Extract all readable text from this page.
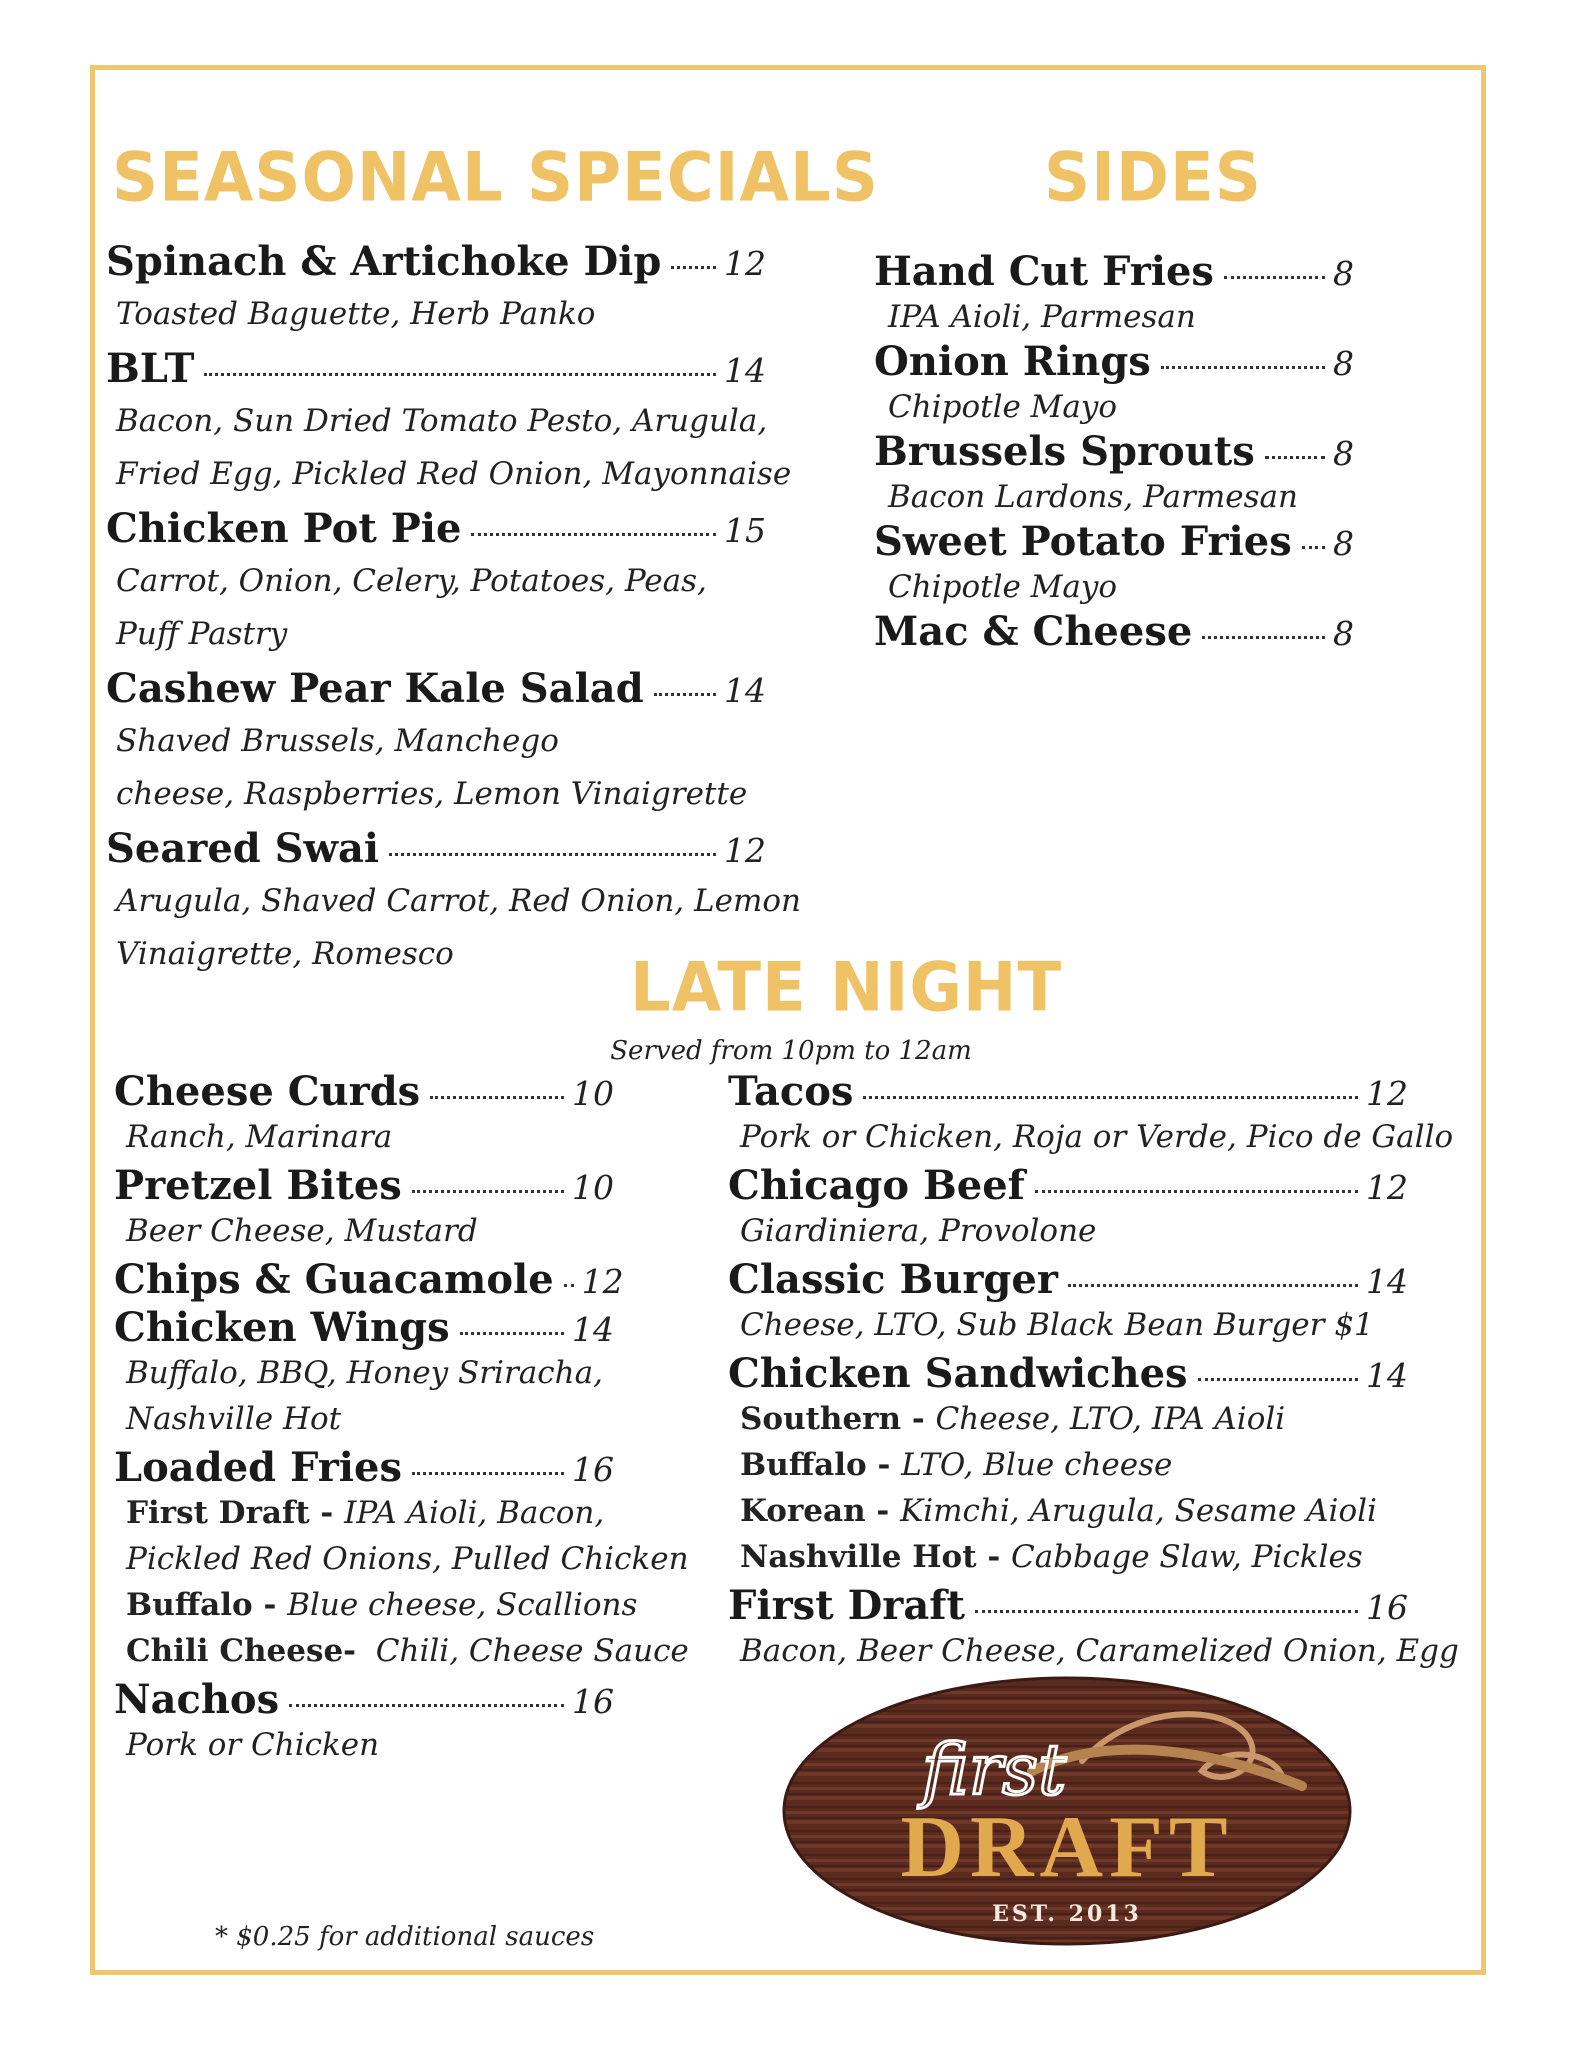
SEASONAL SPECIALS
Spinach & Artichoke Dip 12
Toasted Baguette, Herb Panko
BLT	14
Bacon, Sun Dried Tomato Pesto, Arugula,
Fried Egg, Pickled Red Onion, Mayonnaise
Chicken Pot Pie	15
Carrot, Onion, Celery, Potatoes, Peas,
Puff Pastry
Cashew Pear Kale Salad 14
Shaved Brussels, Manchego
cheese, Raspberries, Lemon Vinaigrette
Seared Swai	12
Arugula, Shaved Carrot, Red Onion, Lemon
Vinaigrette, Romesco
SIDES
Hand Cut Fries	8
IPA Aioli, Parmesan
Onion Rings	8
Chipotle Mayo
Brussels Sprouts 8
Bacon Lardons, Parmesan
Sweet Potato Fries 8
Chipotle Mayo
Mac & Cheese	8
LATE NIGHT
Served from 10pm to 12am
Cheese Curds	10
Ranch, Marinara
Pretzel Bites	10
Beer Cheese, Mustard
Chips & Guacamole 12
Chicken Wings	14
Buffalo, BBQ, Honey Sriracha,
Nashville Hot
Loaded Fries	16
First Draft - IPA Aioli, Bacon,
Pickled Red Onions, Pulled Chicken
Buffalo - Blue cheese, Scallions
Chili Cheese- Chili, Cheese Sauce
Nachos	16
Pork or Chicken
Tacos	12
Pork or Chicken, Roja or Verde, Pico de Gallo
Chicago Beef	12
Giardiniera, Provolone
Classic Burger	14
Cheese, LTO, Sub Black Bean Burger $1
Chicken Sandwiches	14
Southern - Cheese, LTO, IPA Aioli
Buffalo - LTO, Blue cheese
Korean - Kimchi, Arugula, Sesame Aioli
Nashville Hot - Cabbage Slaw, Pickles
First Draft	16
Bacon, Beer Cheese, Caramelized Onion, Egg
first
DRAFT
EST. 2013
* $0.25 for additional sauces
